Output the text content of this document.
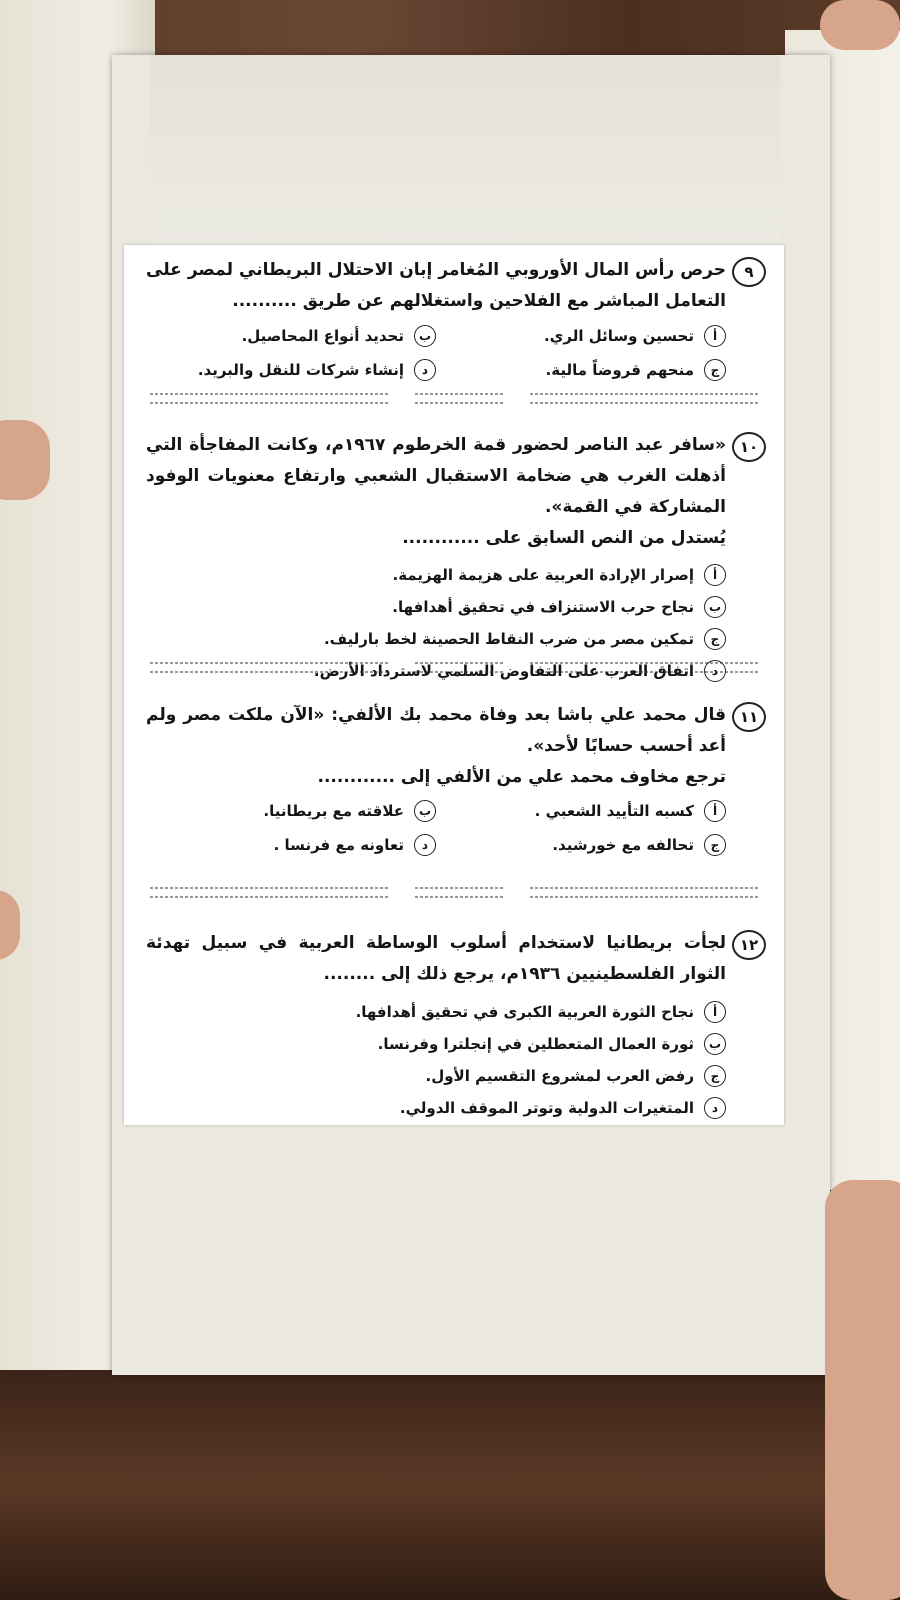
٩
حرص رأس المال الأوروبي المُغامر إبان الاحتلال البريطاني لمصر على التعامل المباشر مع الفلاحين واستغلالهم عن طريق ..........
أ
تحسين وسائل الري.
ب
تحديد أنواع المحاصيل.
ج
منحهم قروضاً مالية.
د
إنشاء شركات للنقل والبريد.
١٠
«سافر عبد الناصر لحضور قمة الخرطوم ١٩٦٧م، وكانت المفاجأة التي أذهلت الغرب هي ضخامة الاستقبال الشعبي وارتفاع معنويات الوفود المشاركة في القمة».
يُستدل من النص السابق على ............
أ
إصرار الإرادة العربية على هزيمة الهزيمة.
ب
نجاح حرب الاستنزاف في تحقيق أهدافها.
ج
تمكين مصر من ضرب النقاط الحصينة لخط بارليف.
د
اتفاق العرب على التفاوض السلمي لاسترداد الأرض.
١١
قال محمد علي باشا بعد وفاة محمد بك الألفي: «الآن ملكت مصر ولم أعد أحسب حسابًا لأحد».
ترجع مخاوف محمد علي من الألفي إلى ............
أ
كسبه التأييد الشعبي .
ب
علاقته مع بريطانيا.
ج
تحالفه مع خورشيد.
د
تعاونه مع فرنسا .
١٢
لجأت بريطانيا لاستخدام أسلوب الوساطة العربية في سبيل تهدئة الثوار الفلسطينيين ١٩٣٦م، يرجع ذلك إلى ........
أ
نجاح الثورة العربية الكبرى في تحقيق أهدافها.
ب
ثورة العمال المتعطلين في إنجلترا وفرنسا.
ج
رفض العرب لمشروع التقسيم الأول.
د
المتغيرات الدولية وتوتر الموقف الدولي.
